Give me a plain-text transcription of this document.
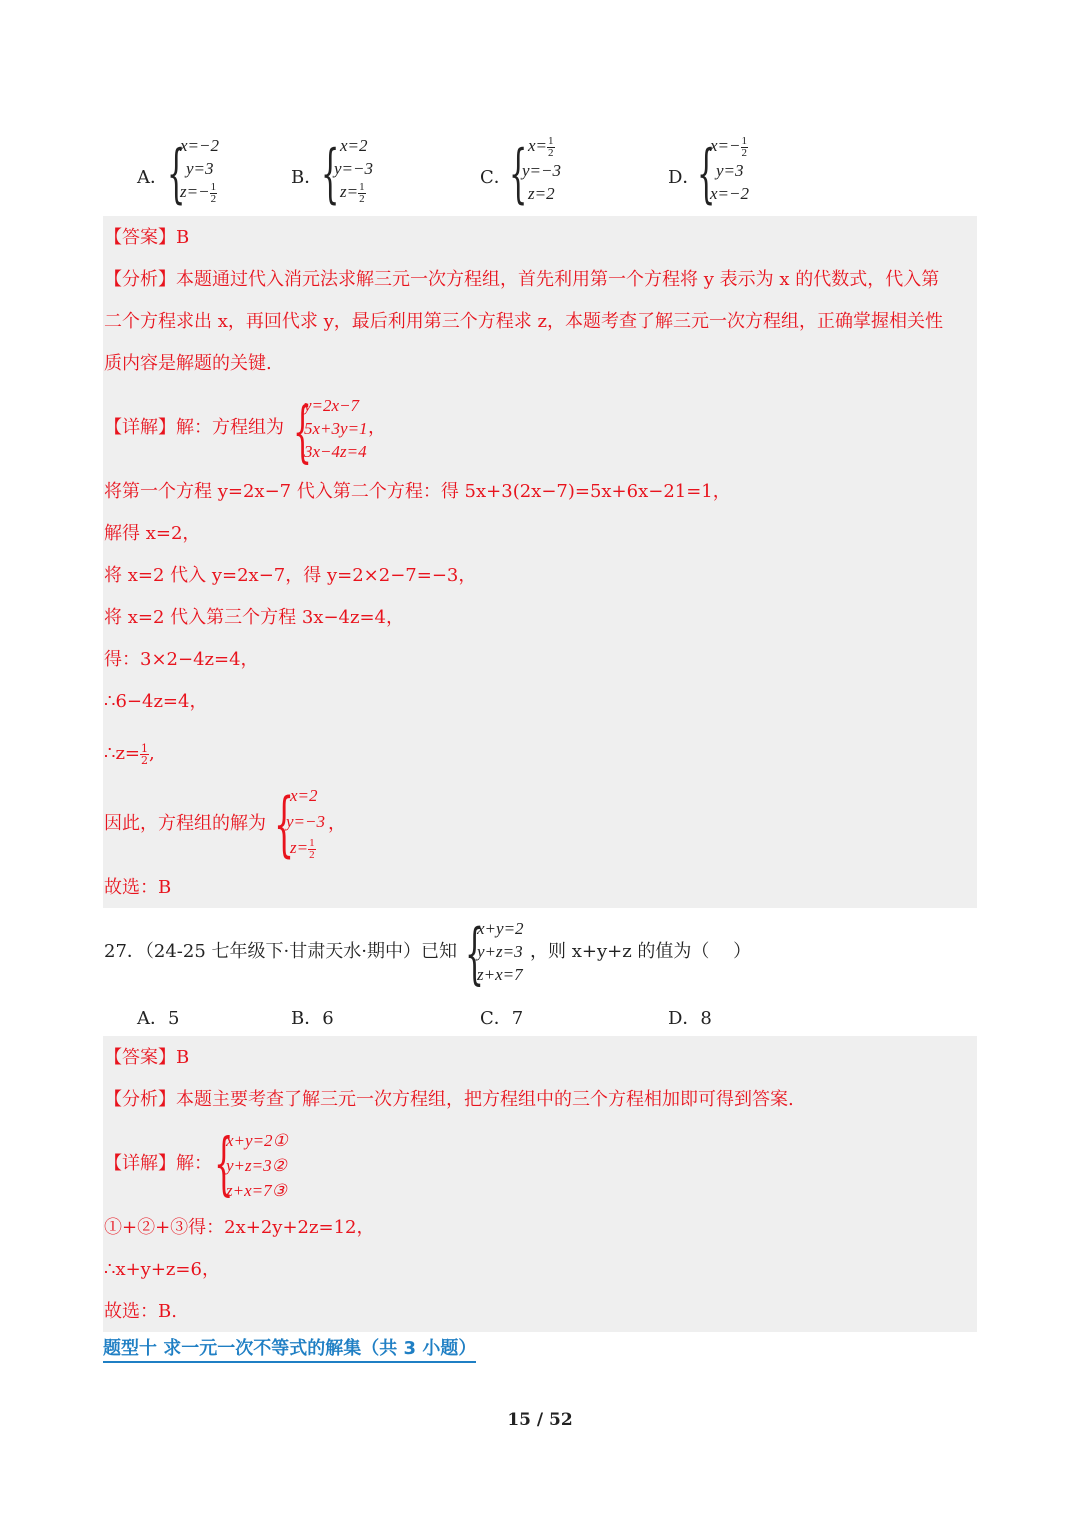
A． {
x=−2
y=3
$z=- \frac{1}{2}$
B．
{ x=2
y=−3
$z= \frac{1}{2}$
C．
{ $x= \frac{1}{2}$
y=−3
z=2
D．
{
$x=- \frac{1}{2}$
y=3
x=−2
【答案】B
【分析】本题通过代入消元法求解三元一次方程组，首先利用第一个方程将 y 表示为 x 的代数式，代入第
二个方程求出 x，再回代求 y，最后利用第三个方程求 z，本题考查了解三元一次方程组，正确掌握相关性
质内容是解题的关键.
【详解】解：方程组为 {
y=2x−7
5x+3y=1
3x−4z=4
，
将第一个方程 y=2x−7 代入第二个方程：得 5x+3(2x−7)=5x+6x−21=1，
解得 x=2，
将 x=2 代入 y=2x−7，得 y=2×2−7=−3，
将 x=2 代入第三个方程 3x−4z=4，
得：3×2−4z=4，
∴6−4z=4，
∴z= $\frac{1}{2}$ ,
因此，方程组的解为 {
x=2
y=−3
$z= \frac{1}{2}$
，
故选：B
27．（24-25 七年级下·甘肃天水·期中）已知 {
x+y=2
y+z=3
z+x=7
，则 x+y+z 的值为（　 ）
A．5	B．6	C．7	D．8
【答案】B
【分析】本题主要考查了解三元一次方程组，把方程组中的三个方程相加即可得到答案.
【详解】解： {
x+y=2①
y+z=3②
z+x=7③
①+②+③得：2x+2y+2z=12，
∴x+y+z=6，
故选：B.
题型十 求一元一次不等式的解集（共 3 小题）
15 / 52
